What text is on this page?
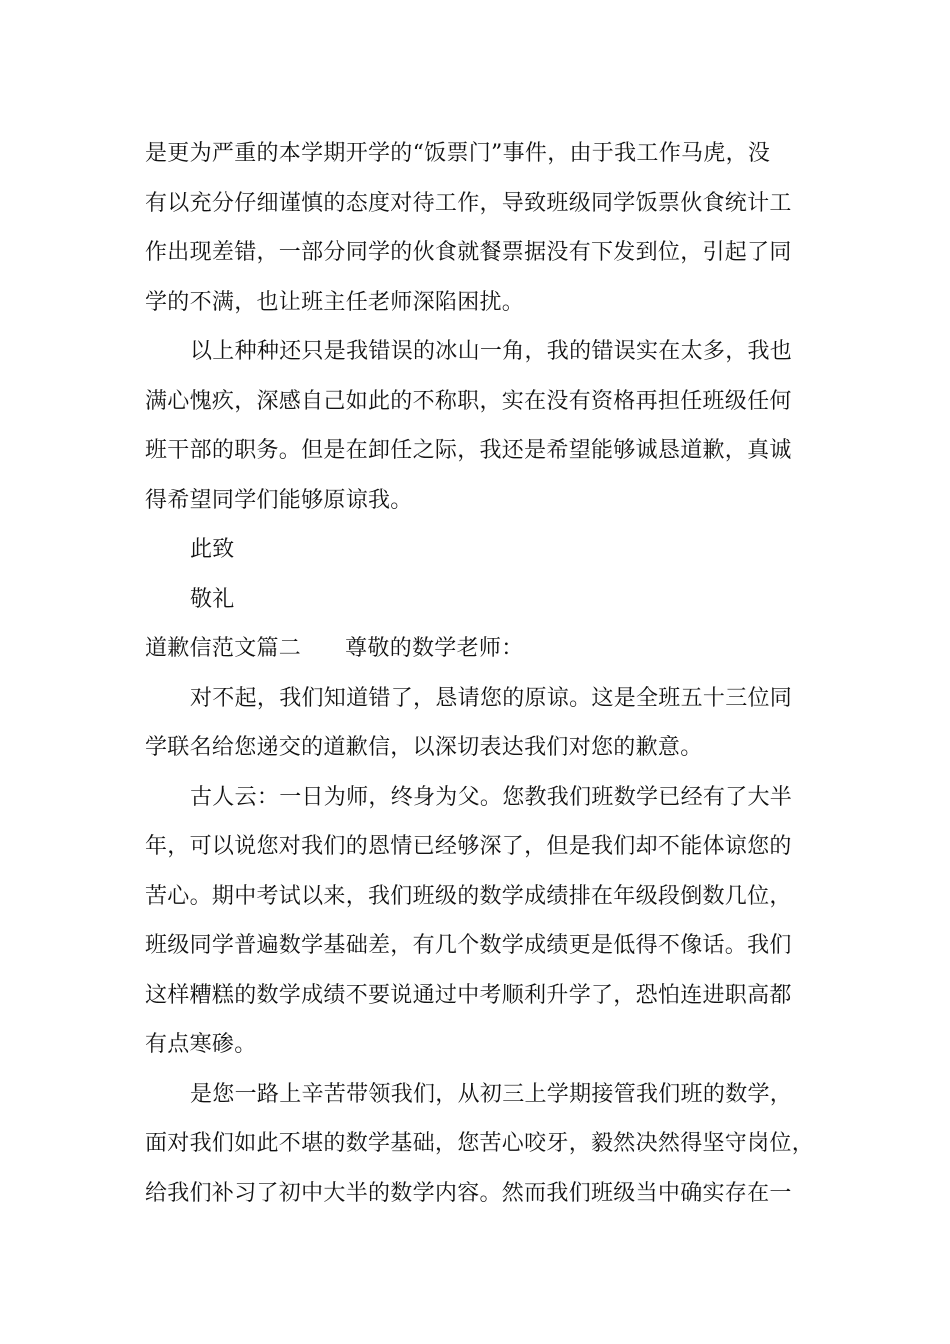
是更为严重的本学期开学的“饭票门”事件，由于我工作马虎，没
有以充分仔细谨慎的态度对待工作，导致班级同学饭票伙食统计工
作出现差错，一部分同学的伙食就餐票据没有下发到位，引起了同
学的不满，也让班主任老师深陷困扰。
以上种种还只是我错误的冰山一角，我的错误实在太多，我也
满心愧疚，深感自己如此的不称职，实在没有资格再担任班级任何
班干部的职务。但是在卸任之际，我还是希望能够诚恳道歉，真诚
得希望同学们能够原谅我。
此致
敬礼
道歉信范文篇二 尊敬的数学老师：
对不起，我们知道错了，恳请您的原谅。这是全班五十三位同
学联名给您递交的道歉信，以深切表达我们对您的歉意。
古人云：一日为师，终身为父。您教我们班数学已经有了大半
年，可以说您对我们的恩情已经够深了，但是我们却不能体谅您的
苦心。期中考试以来，我们班级的数学成绩排在年级段倒数几位，
班级同学普遍数学基础差，有几个数学成绩更是低得不像话。我们
这样糟糕的数学成绩不要说通过中考顺利升学了，恐怕连进职高都
有点寒碜。
是您一路上辛苦带领我们，从初三上学期接管我们班的数学，
面对我们如此不堪的数学基础，您苦心咬牙，毅然决然得坚守岗位，
给我们补习了初中大半的数学内容。然而我们班级当中确实存在一
